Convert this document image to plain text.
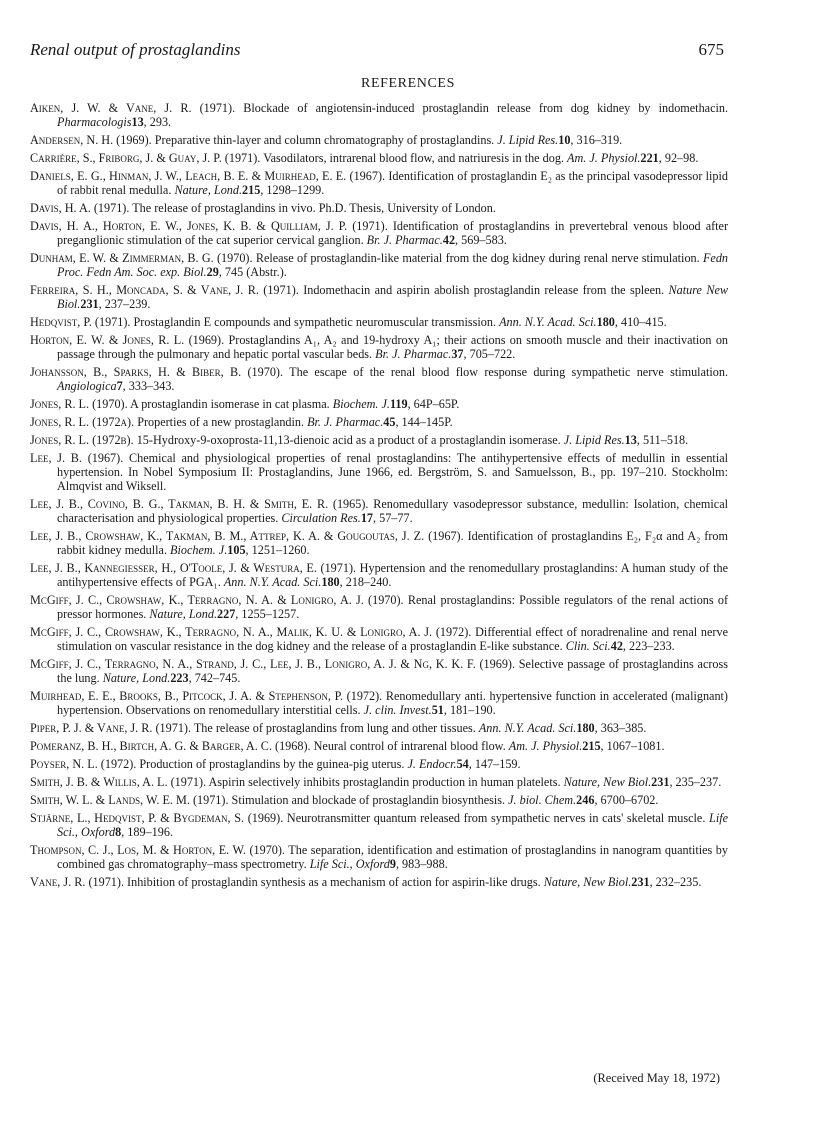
Renal output of prostaglandins	675
REFERENCES

Aiken, J. W. & Vane, J. R. (1971). Blockade of angiotensin-induced prostaglandin release from dog kidney by indomethacin. Pharmacologis13, 293.

Andersen, N. H. (1969). Preparative thin-layer and column chromatography of prostaglandins. J. Lipid Res.10, 316–319.

Carrière, S., Friborg, J. & Guay, J. P. (1971). Vasodilators, intrarenal blood flow, and natriuresis in the dog. Am. J. Physiol.221, 92–98.

Daniels, E. G., Hinman, J. W., Leach, B. E. & Muirhead, E. E. (1967). Identification of prostaglandin E₂ as the principal vasodepressor lipid of rabbit renal medulla. Nature, Lond.215, 1298–1299.

Davis, H. A. (1971). The release of prostaglandins in vivo. Ph.D. Thesis, University of London.

Davis, H. A., Horton, E. W., Jones, K. B. & Quilliam, J. P. (1971). Identification of prostaglandins in prevertebral venous blood after preganglionic stimulation of the cat superior cervical ganglion. Br. J. Pharmac.42, 569–583.

Dunham, E. W. & Zimmerman, B. G. (1970). Release of prostaglandin-like material from the dog kidney during renal nerve stimulation. Fedn Proc. Fedn Am. Soc. exp. Biol.29, 745 (Abstr.).

Ferreira, S. H., Moncada, S. & Vane, J. R. (1971). Indomethacin and aspirin abolish prostaglandin release from the spleen. Nature New Biol.231, 237–239.

Hedqvist, P. (1971). Prostaglandin E compounds and sympathetic neuromuscular transmission. Ann. N.Y. Acad. Sci.180, 410–415.

Horton, E. W. & Jones, R. L. (1969). Prostaglandins A₁, A₂ and 19-hydroxy A₁; their actions on smooth muscle and their inactivation on passage through the pulmonary and hepatic portal vascular beds. Br. J. Pharmac.37, 705–722.

Johansson, B., Sparks, H. & Biber, B. (1970). The escape of the renal blood flow response during sympathetic nerve stimulation. Angiologica7, 333–343.

Jones, R. L. (1970). A prostaglandin isomerase in cat plasma. Biochem. J.119, 64P–65P.

Jones, R. L. (1972a). Properties of a new prostaglandin. Br. J. Pharmac.45, 144–145P.

Jones, R. L. (1972b). 15-Hydroxy-9-oxoprosta-11,13-dienoic acid as a product of a prostaglandin isomerase. J. Lipid Res.13, 511–518.

Lee, J. B. (1967). Chemical and physiological properties of renal prostaglandins: The antihypertensive effects of medullin in essential hypertension. In Nobel Symposium II: Prostaglandins, June 1966, ed. Bergström, S. and Samuelsson, B., pp. 197–210. Stockholm: Almqvist and Wiksell.

Lee, J. B., Covino, B. G., Takman, B. H. & Smith, E. R. (1965). Renomedullary vasodepressor substance, medullin: Isolation, chemical characterisation and physiological properties. Circulation Res.17, 57–77.

Lee, J. B., Crowshaw, K., Takman, B. M., Attrep, K. A. & Gougoutas, J. Z. (1967). Identification of prostaglandins E₂, F₂α and A₂ from rabbit kidney medulla. Biochem. J.105, 1251–1260.

Lee, J. B., Kannegiesser, H., O'Toole, J. & Westura, E. (1971). Hypertension and the renomedullary prostaglandins: A human study of the antihypertensive effects of PGA₁. Ann. N.Y. Acad. Sci.180, 218–240.

McGiff, J. C., Crowshaw, K., Terragno, N. A. & Lonigro, A. J. (1970). Renal prostaglandins: Possible regulators of the renal actions of pressor hormones. Nature, Lond.227, 1255–1257.

McGiff, J. C., Crowshaw, K., Terragno, N. A., Malik, K. U. & Lonigro, A. J. (1972). Differential effect of noradrenaline and renal nerve stimulation on vascular resistance in the dog kidney and the release of a prostaglandin E-like substance. Clin. Sci.42, 223–233.

McGiff, J. C., Terragno, N. A., Strand, J. C., Lee, J. B., Lonigro, A. J. & Ng, K. K. F. (1969). Selective passage of prostaglandins across the lung. Nature, Lond.223, 742–745.

Muirhead, E. E., Brooks, B., Pitcock, J. A. & Stephenson, P. (1972). Renomedullary anti. hypertensive function in accelerated (malignant) hypertension. Observations on renomedullary interstitial cells. J. clin. Invest.51, 181–190.

Piper, P. J. & Vane, J. R. (1971). The release of prostaglandins from lung and other tissues. Ann. N.Y. Acad. Sci.180, 363–385.

Pomeranz, B. H., Birtch, A. G. & Barger, A. C. (1968). Neural control of intrarenal blood flow. Am. J. Physiol.215, 1067–1081.

Poyser, N. L. (1972). Production of prostaglandins by the guinea-pig uterus. J. Endocr.54, 147–159.

Smith, J. B. & Willis, A. L. (1971). Aspirin selectively inhibits prostaglandin production in human platelets. Nature, New Biol.231, 235–237.

Smith, W. L. & Lands, W. E. M. (1971). Stimulation and blockade of prostaglandin biosynthesis. J. biol. Chem.246, 6700–6702.

Stjärne, L., Hedqvist, P. & Bygdeman, S. (1969). Neurotransmitter quantum released from sympathetic nerves in cats' skeletal muscle. Life Sci., Oxford8, 189–196.

Thompson, C. J., Los, M. & Horton, E. W. (1970). The separation, identification and estimation of prostaglandins in nanogram quantities by combined gas chromatography–mass spectrometry. Life Sci., Oxford9, 983–988.

Vane, J. R. (1971). Inhibition of prostaglandin synthesis as a mechanism of action for aspirin-like drugs. Nature, New Biol.231, 232–235.

(Received May 18, 1972)
